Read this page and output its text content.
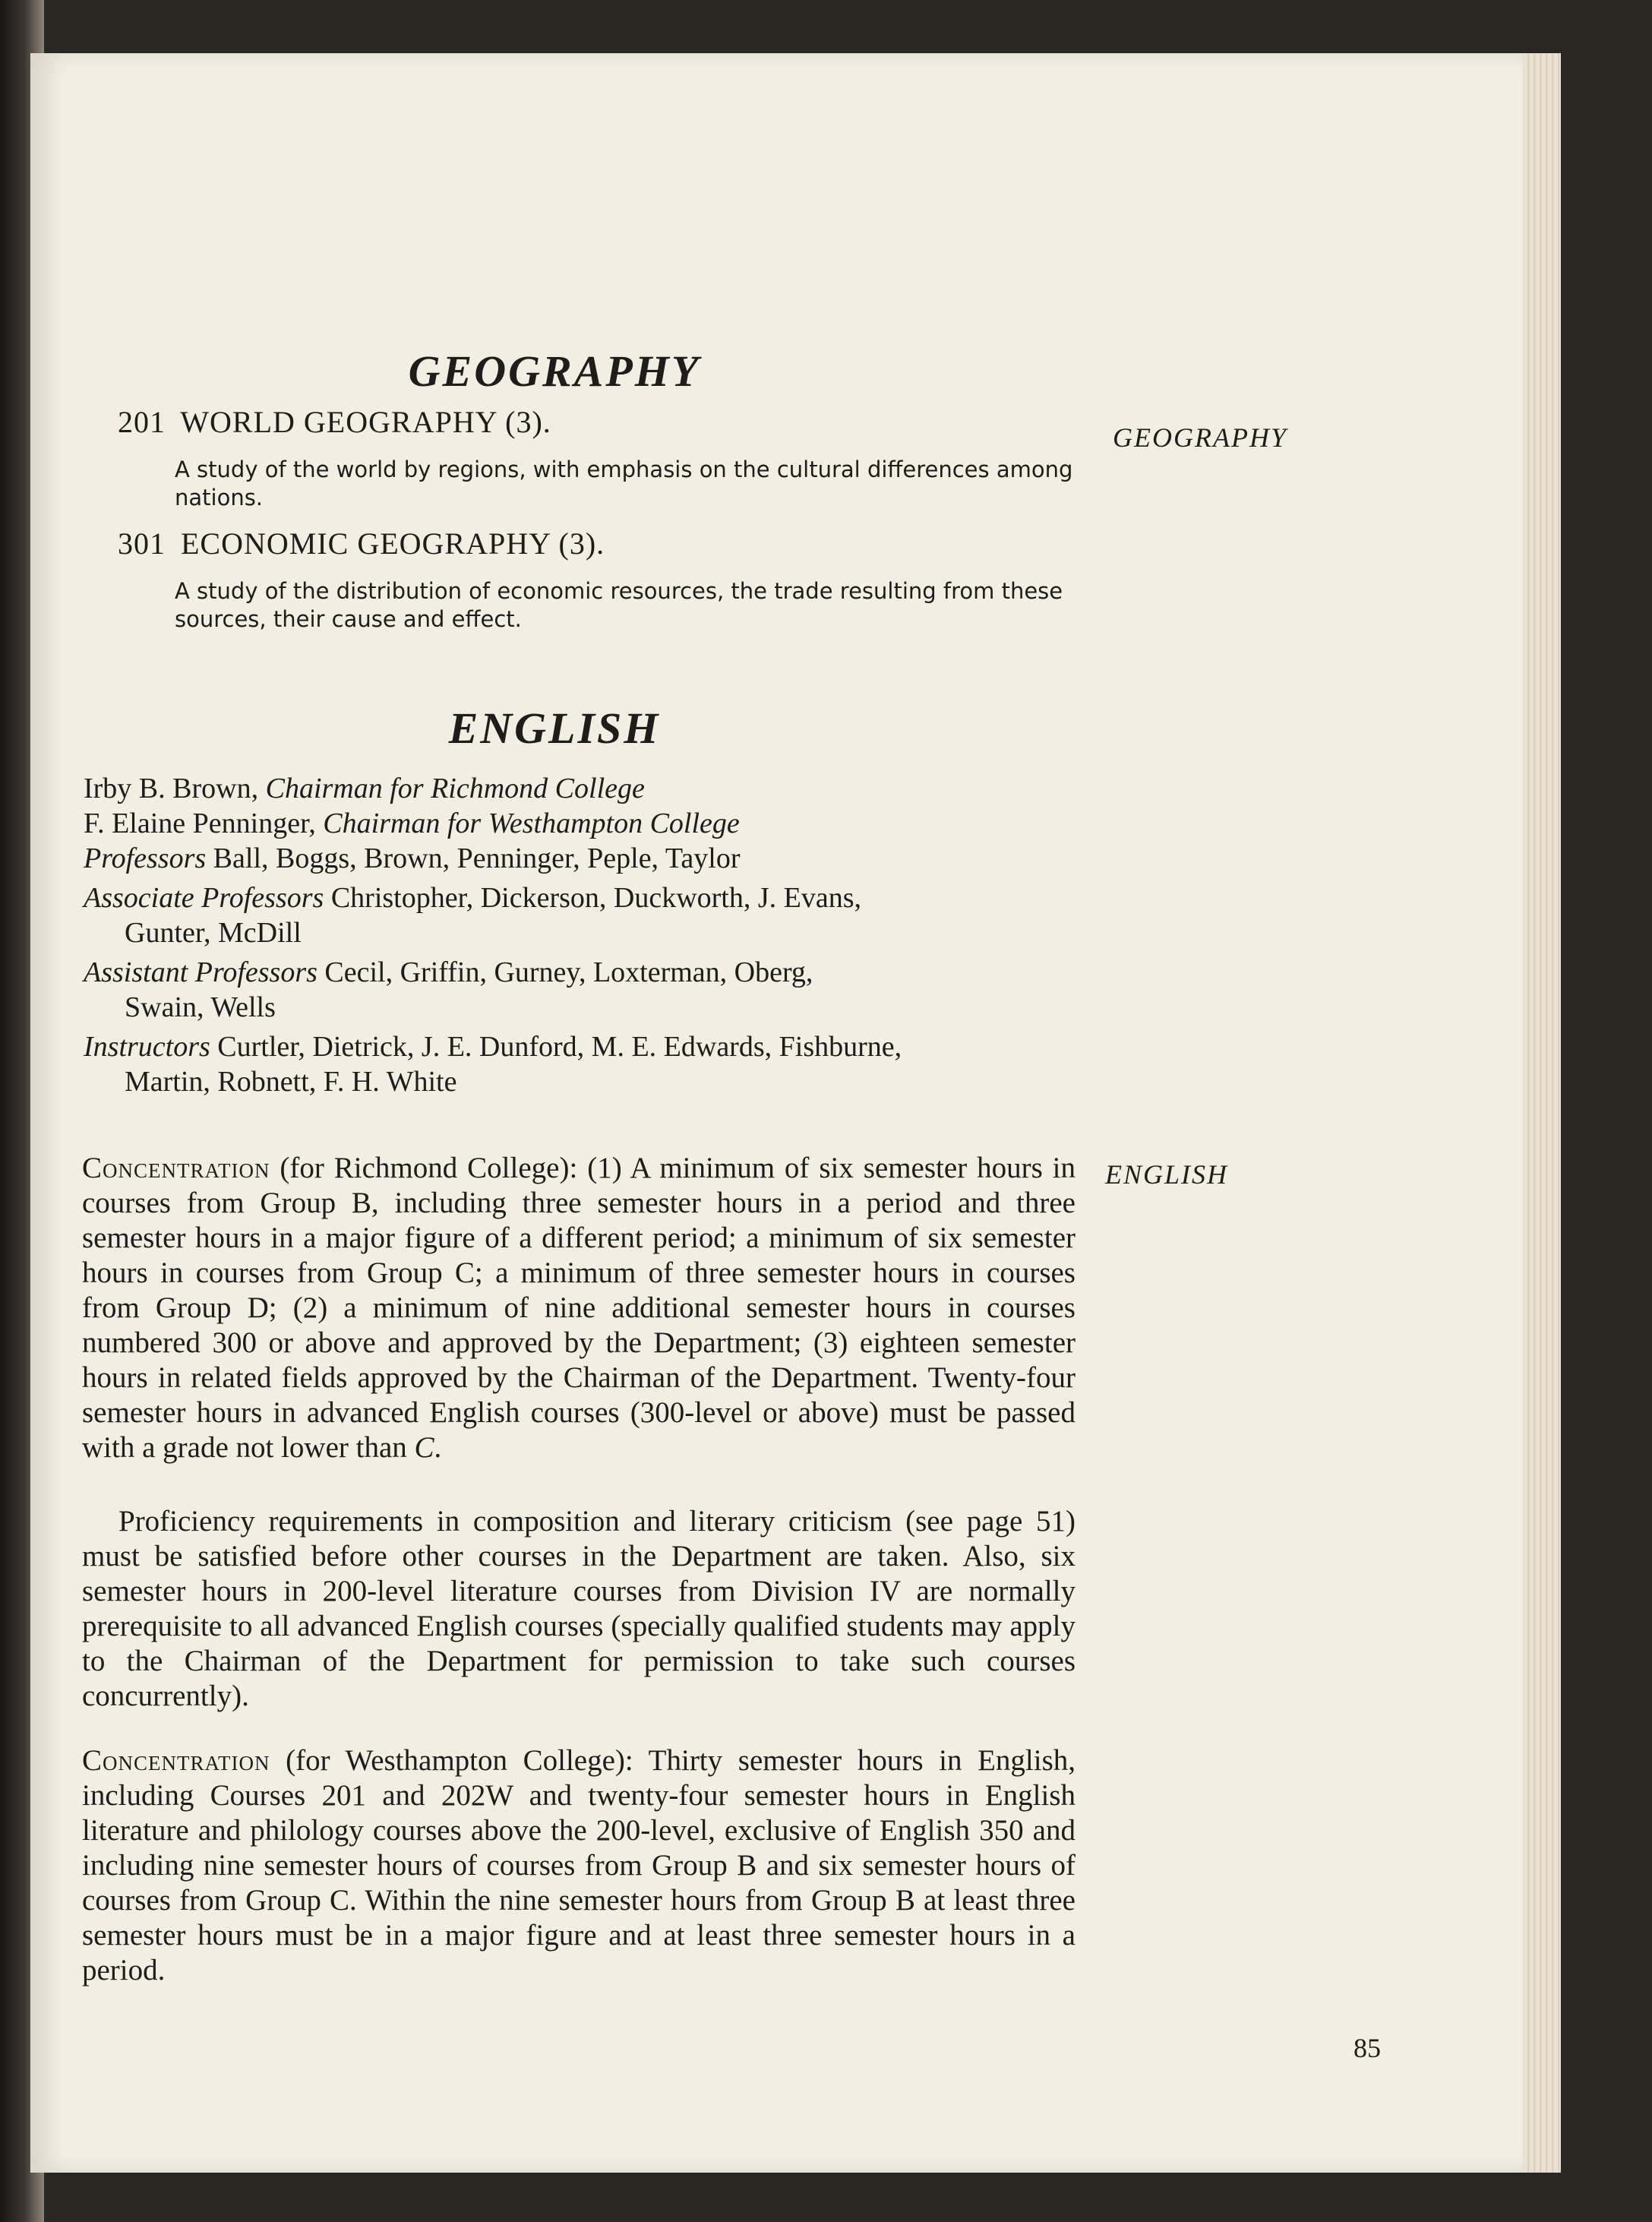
GEOGRAPHY
201 WORLD GEOGRAPHY (3).

A study of the world by regions, with emphasis on the cultural differences among nations.

301 ECONOMIC GEOGRAPHY (3).

A study of the distribution of economic resources, the trade resulting from these sources, their cause and effect.

ENGLISH
Irby B. Brown, Chairman for Richmond College
F. Elaine Penninger, Chairman for Westhampton College
Professors Ball, Boggs, Brown, Penninger, Peple, Taylor
Associate Professors Christopher, Dickerson, Duckworth, J. Evans,
Gunter, McDill
Assistant Professors Cecil, Griffin, Gurney, Loxterman, Oberg,
Swain, Wells
Instructors Curtler, Dietrick, J. E. Dunford, M. E. Edwards, Fishburne,
Martin, Robnett, F. H. White

Concentration (for Richmond College): (1) A minimum of six semester hours in courses from Group B, including three semester hours in a period and three semester hours in a major figure of a different period; a minimum of six semester hours in courses from Group C; a minimum of three semester hours in courses from Group D; (2) a minimum of nine additional semester hours in courses numbered 300 or above and approved by the Department; (3) eighteen semester hours in related fields approved by the Chairman of the Department. Twenty-four semester hours in advanced English courses (300-level or above) must be passed with a grade not lower than C.

Proficiency requirements in composition and literary criticism (see page 51) must be satisfied before other courses in the Department are taken. Also, six semester hours in 200-level literature courses from Division IV are normally prerequisite to all advanced English courses (specially qualified students may apply to the Chairman of the Department for permission to take such courses concurrently).

Concentration (for Westhampton College): Thirty semester hours in English, including Courses 201 and 202W and twenty-four semester hours in English literature and philology courses above the 200-level, exclusive of English 350 and including nine semester hours of courses from Group B and six semester hours of courses from Group C. Within the nine semester hours from Group B at least three semester hours must be in a major figure and at least three semester hours in a period.

GEOGRAPHY
ENGLISH
85
